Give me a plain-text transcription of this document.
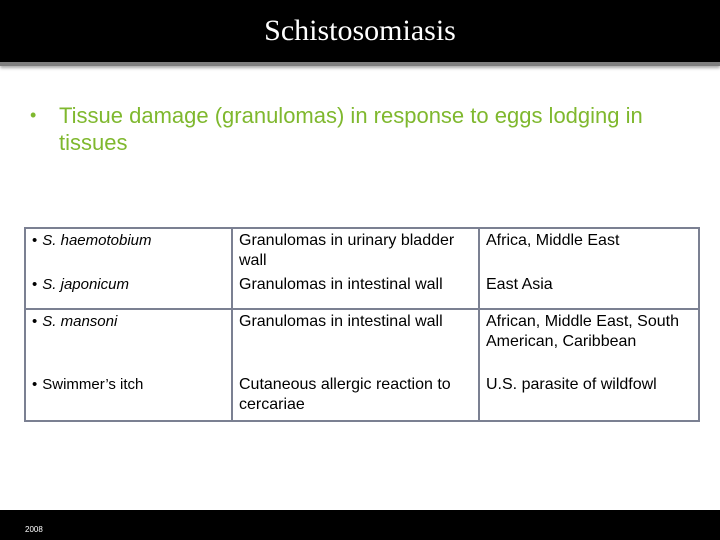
Schistosomiasis
• Tissue damage (granulomas) in response to eggs lodging in tissues
• S. haemotobium	Granulomas in urinary bladder wall	Africa, Middle East
• S. japonicum	Granulomas in intestinal wall	East Asia
• S. mansoni	Granulomas in intestinal wall	African, Middle East, South American, Caribbean
• Swimmer’s itch	Cutaneous allergic reaction to cercariae	U.S. parasite of wildfowl
2008
